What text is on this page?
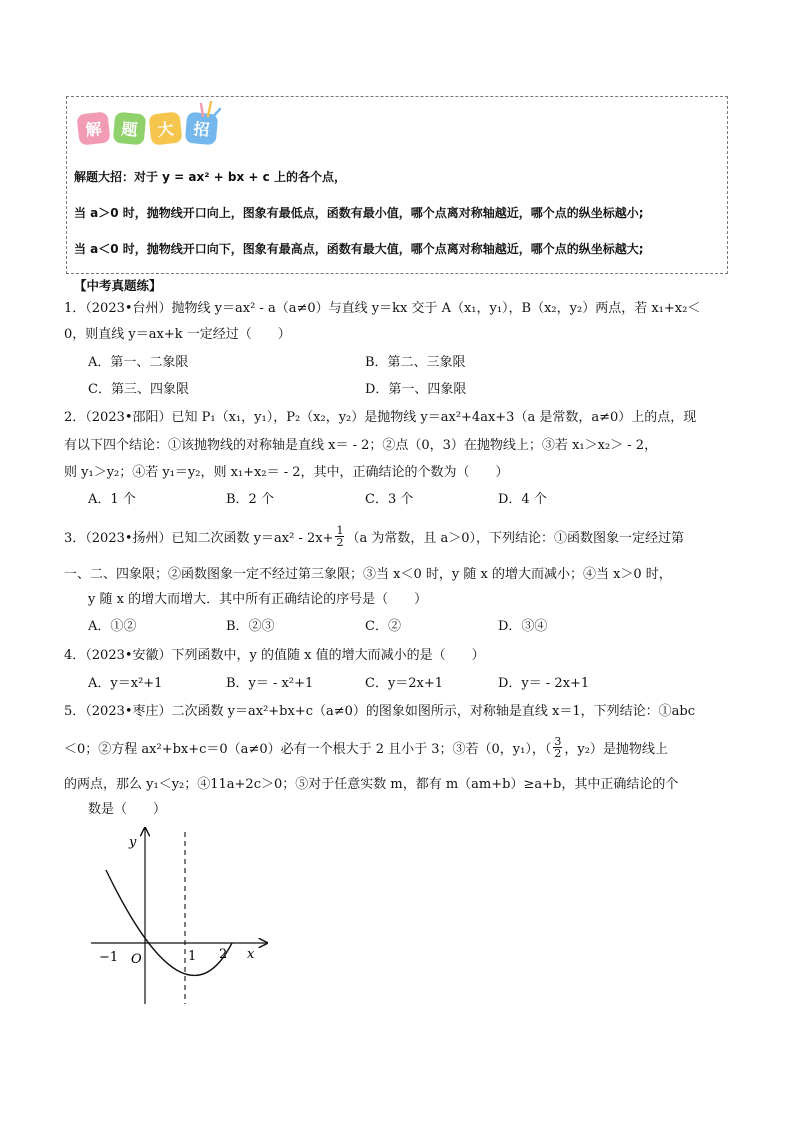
解	题	大	招
解题大招：对于 y = ax² + bx + c 上的各个点，
当 a＞0 时，抛物线开口向上，图象有最低点，函数有最小值，哪个点离对称轴越近，哪个点的纵坐标越小;
当 a＜0 时，抛物线开口向下，图象有最高点，函数有最大值，哪个点离对称轴越近，哪个点的纵坐标越大;
【中考真题练】
1．（2023•台州）抛物线 y＝ax² - a（a≠0）与直线 y＝kx 交于 A（x₁，y₁），B（x₂，y₂）两点，若 x₁+x₂＜
0，则直线 y＝ax+k 一定经过（　　）
A．第一、二象限	B．第二、三象限
C．第三、四象限	D．第一、四象限
2．（2023•邵阳）已知 P₁（x₁，y₁），P₂（x₂，y₂）是抛物线 y＝ax²+4ax+3（a 是常数，a≠0）上的点，现
有以下四个结论：①该抛物线的对称轴是直线 x＝ - 2；②点（0，3）在抛物线上；③若 x₁＞x₂＞ - 2，
则 y₁＞y₂；④若 y₁＝y₂，则 x₁+x₂＝ - 2，其中，正确结论的个数为（　　）
A．1 个	B．2 个	C．3 个	D．4 个
3．（2023•扬州）已知二次函数 y＝ax² - 2x+
1
2 （a 为常数，且 a＞0），下列结论：①函数图象一定经过第
一、二、四象限；②函数图象一定不经过第三象限；③当 x＜0 时，y 随 x 的增大而减小；④当 x＞0 时，
y 随 x 的增大而增大．其中所有正确结论的序号是（　　）
A．①②	B．②③	C．②	D．③④
4．（2023•安徽）下列函数中，y 的值随 x 值的增大而减小的是（　　）
A．y＝x²+1	B．y＝ - x²+1	C．y＝2x+1	D．y＝ - 2x+1
5．（2023•枣庄）二次函数 y＝ax²+bx+c（a≠0）的图象如图所示，对称轴是直线 x＝1，下列结论：①abc
＜0；②方程 ax²+bx+c＝0（a≠0）必有一个根大于 2 且小于 3；③若（0，y₁），（
3
2 ，y₂）是抛物线上
的两点，那么 y₁＜y₂；④11a+2c＞0；⑤对于任意实数 m，都有 m（am+b）≥a+b，其中正确结论的个
数是（　　）
y
x
O
−1	1 2
